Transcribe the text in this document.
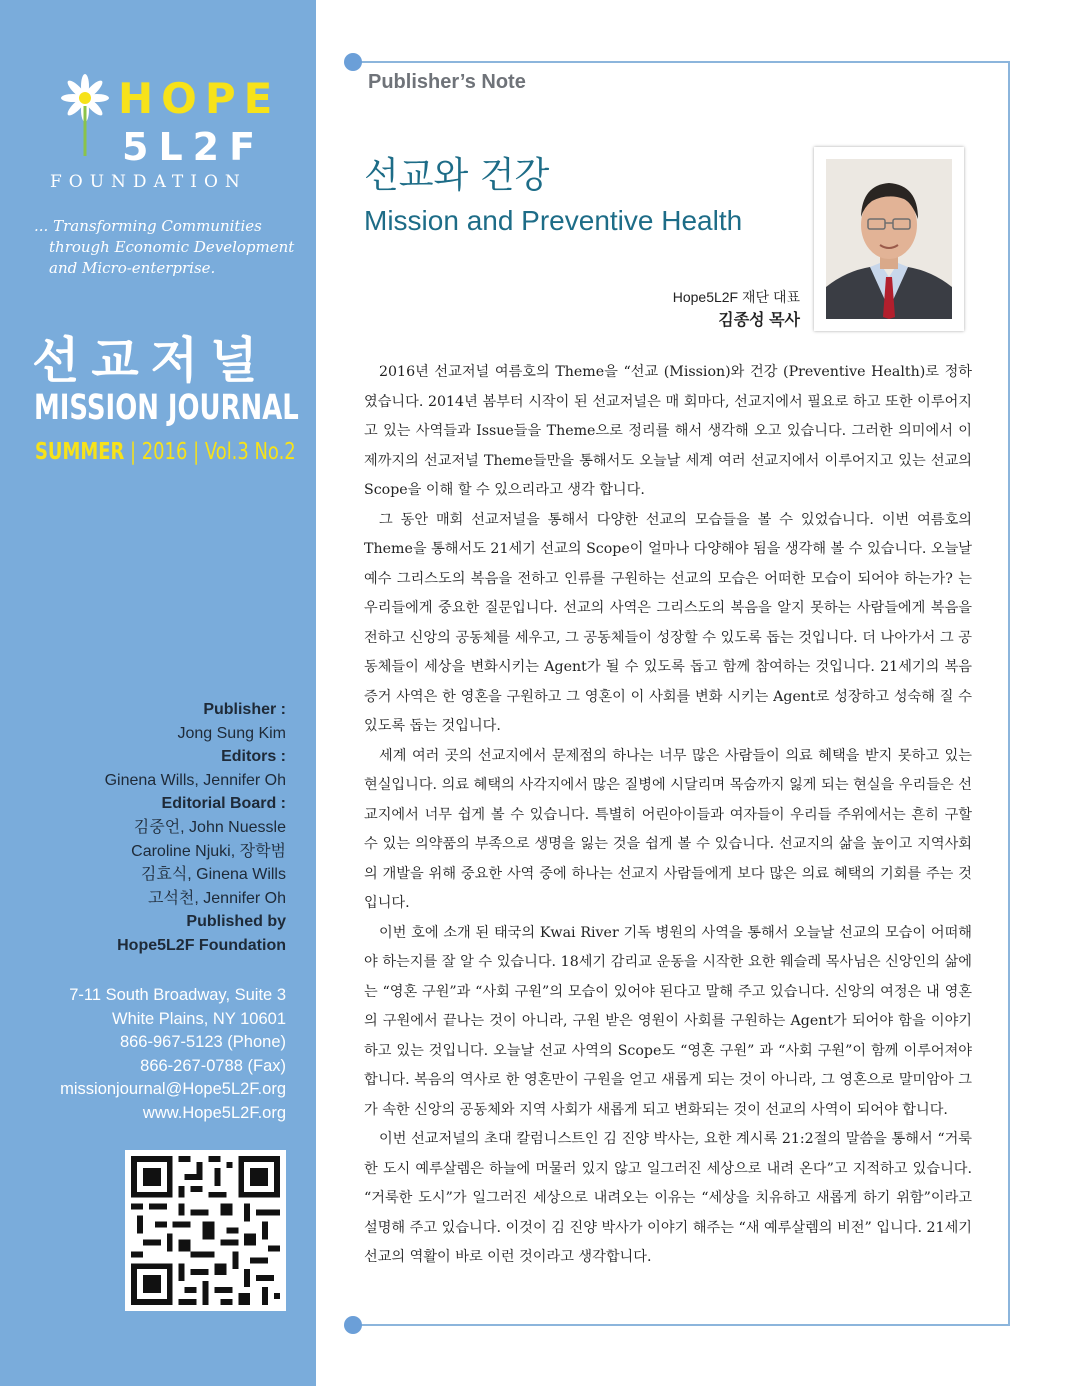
HOPE
5L2F
FOUNDATION
... Transforming Communities
through Economic Development
and Micro-enterprise.
선교저널
MISSION JOURNAL
SUMMER | 2016 | Vol.3 No.2
Publisher :
Jong Sung Kim
Editors :
Ginena Wills, Jennifer Oh
Editorial Board :
김중언, John Nuessle
Caroline Njuki, 장학범
김효식, Ginena Wills
고석천, Jennifer Oh
Published by
Hope5L2F Foundation
7-11 South Broadway, Suite 3
White Plains, NY 10601
866-967-5123 (Phone)
866-267-0788 (Fax)
missionjournal@Hope5L2F.org
www.Hope5L2F.org
Publisher’s Note
선교와 건강
Mission and Preventive Health
Hope5L2F 재단 대표
김종성 목사

2016년 선교저널 여름호의 Theme을 “선교 (Mission)와 건강 (Preventive Health)로 정하였습니다. 2014년 봄부터 시작이 된 선교저널은 매 회마다, 선교지에서 필요로 하고 또한 이루어지고 있는 사역들과 Issue들을 Theme으로 정리를 해서 생각해 오고 있습니다. 그러한 의미에서 이제까지의 선교저널 Theme들만을 통해서도 오늘날 세계 여러 선교지에서 이루어지고 있는 선교의 Scope을 이해 할 수 있으리라고 생각 합니다.

그 동안 매회 선교저널을 통해서 다양한 선교의 모습들을 볼 수 있었습니다. 이번 여름호의 Theme을 통해서도 21세기 선교의 Scope이 얼마나 다양해야 됨을 생각해 볼 수 있습니다. 오늘날 예수 그리스도의 복음을 전하고 인류를 구원하는 선교의 모습은 어떠한 모습이 되어야 하는가? 는 우리들에게 중요한 질문입니다. 선교의 사역은 그리스도의 복음을 알지 못하는 사람들에게 복음을 전하고 신앙의 공동체를 세우고, 그 공동체들이 성장할 수 있도록 돕는 것입니다. 더 나아가서 그 공동체들이 세상을 변화시키는 Agent가 될 수 있도록 돕고 함께 참여하는 것입니다. 21세기의 복음 증거 사역은 한 영혼을 구원하고 그 영혼이 이 사회를 변화 시키는 Agent로 성장하고 성숙해 질 수 있도록 돕는 것입니다.

세계 여러 곳의 선교지에서 문제점의 하나는 너무 많은 사람들이 의료 혜택을 받지 못하고 있는 현실입니다. 의료 혜택의 사각지에서 많은 질병에 시달리며 목숨까지 잃게 되는 현실을 우리들은 선교지에서 너무 쉽게 볼 수 있습니다. 특별히 어린아이들과 여자들이 우리들 주위에서는 흔히 구할 수 있는 의약품의 부족으로 생명을 잃는 것을 쉽게 볼 수 있습니다. 선교지의 삶을 높이고 지역사회의 개발을 위해 중요한 사역 중에 하나는 선교지 사람들에게 보다 많은 의료 혜택의 기회를 주는 것입니다.

이번 호에 소개 된 태국의 Kwai River 기독 병원의 사역을 통해서 오늘날 선교의 모습이 어떠해야 하는지를 잘 알 수 있습니다. 18세기 감리교 운동을 시작한 요한 웨슬레 목사님은 신앙인의 삶에는 “영혼 구원”과 “사회 구원”의 모습이 있어야 된다고 말해 주고 있습니다. 신앙의 여정은 내 영혼의 구원에서 끝나는 것이 아니라, 구원 받은 영원이 사회를 구원하는 Agent가 되어야 함을 이야기 하고 있는 것입니다. 오늘날 선교 사역의 Scope도 “영혼 구원” 과 “사회 구원”이 함께 이루어져야 합니다. 복음의 역사로 한 영혼만이 구원을 얻고 새롭게 되는 것이 아니라, 그 영혼으로 말미암아 그가 속한 신앙의 공동체와 지역 사회가 새롭게 되고 변화되는 것이 선교의 사역이 되어야 합니다.

이번 선교저널의 초대 칼럼니스트인 김 진양 박사는, 요한 계시록 21:2절의 말씀을 통해서 “거룩한 도시 예루살렘은 하늘에 머물러 있지 않고 일그러진 세상으로 내려 온다”고 지적하고 있습니다. “거룩한 도시”가 일그러진 세상으로 내려오는 이유는 “세상을 치유하고 새롭게 하기 위함”이라고 설명해 주고 있습니다. 이것이 김 진양 박사가 이야기 해주는 “새 예루살렘의 비전” 입니다. 21세기 선교의 역활이 바로 이런 것이라고 생각합니다.
